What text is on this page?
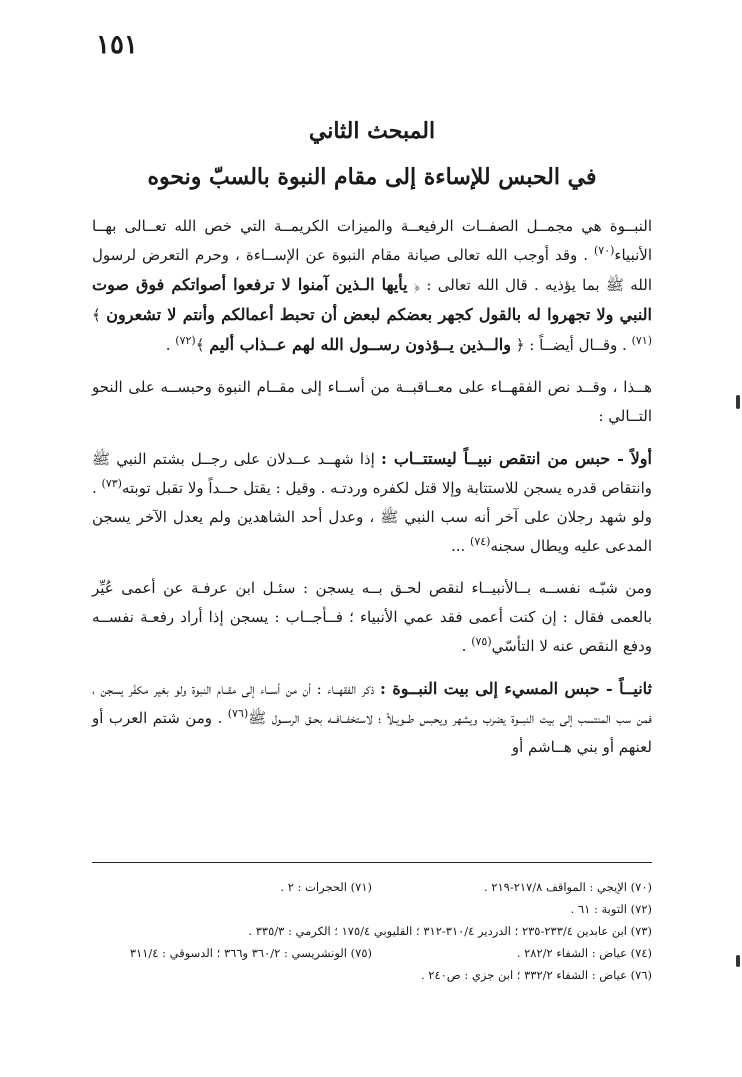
١٥١
المبحث الثاني
في الحبس للإساءة إلى مقام النبوة بالسبّ ونحوه

النبــوة هي مجمــل الصفــات الرفيعــة والميزات الكريمــة التي خص الله تعــالى بهــا الأنبياء$^{(٧٠)}$ . وقد أوجب الله تعالى صيانة مقام النبوة عن الإســاءة ، وحرم التعرض لرسول الله ﷺ بما يؤذيه . قال الله تعالى : ﴿ يأيها الـذين آمنوا لا ترفعوا أصواتكم فوق صوت النبي ولا تجهروا له بالقول كجهر بعضكم لبعض أن تحبط أعمالكم وأنتم لا تشعرون ﴾$^{(٧١)}$ . وقــال أيضــاً : ﴿ والــذين يــؤذون رســول الله لهم عــذاب أليم ﴾$^{(٧٢)}$ .

هــذا ، وقــد نص الفقهــاء على معــاقبــة من أســاء إلى مقــام النبوة وحبســه على النحو التــالي :

أولاً - حبس من انتقص نبيــاً ليستتــاب : إذا شهــد عــدلان على رجــل بشتم النبي ﷺ وانتقاص قدره يسجن للاستتابة وإلا قتل لكفره وردتـه . وقيل : يقتل حــداً ولا تقبل توبته$^{(٧٣)}$ . ولو شهد رجلان على آخر أنه سب النبي ﷺ ، وعدل أحد الشاهدين ولم يعدل الآخر يسجن المدعى عليه ويطال سجنه$^{(٧٤)}$ ...

ومن شبّـه نفســه بــالأنبيــاء لنقص لحـق بــه يسجن : سئـل ابن عرفـة عن أعمى عُيِّر بالعمى فقال : إن كنت أعمى فقد عمي الأنبياء ؛ فــأجــاب : يسجن إذا أراد رفعـة نفســه ودفع النقص عنه لا التأسّي$^{(٧٥)}$ .

ثانيــاً - حبس المسيء إلى بيت النبــوة : ذكر الفقهــاء : أن من أســاء إلى مقــام النبوة ولو بغير مكفّر يسجن ، فمن سب المنتسب إلى بيت النبــوة يضرب ويشهر ويحبس طــويـلاً ؛ لاستخفــافــه بحـق الرســول ﷺ$^{(٧٦)}$ . ومن شتم العرب أو لعنهم أو بني هــاشم أو

(٧٠) الإيجي : المواقف ٢١٧/٨-٢١٩ .
(٧١) الحجرات : ٢ .
(٧٢) التوبة : ٦١ .
(٧٣) ابن عابدين ٢٣٣/٤-٢٣٥ ؛ الدردير ٣١٠/٤-٣١٢ ؛ القليوبي ١٧٥/٤ ؛ الكرمي : ٣٣٥/٣ .
(٧٤) عياض : الشفاء ٢٨٢/٢ .
(٧٥) الونشريسي : ٣٦٠/٢ و٣٦٦ ؛ الدسوقي : ٣١١/٤
(٧٦) عياض : الشفاء ٣٣٢/٢ ؛ ابن جزي : ص٢٤٠ .
